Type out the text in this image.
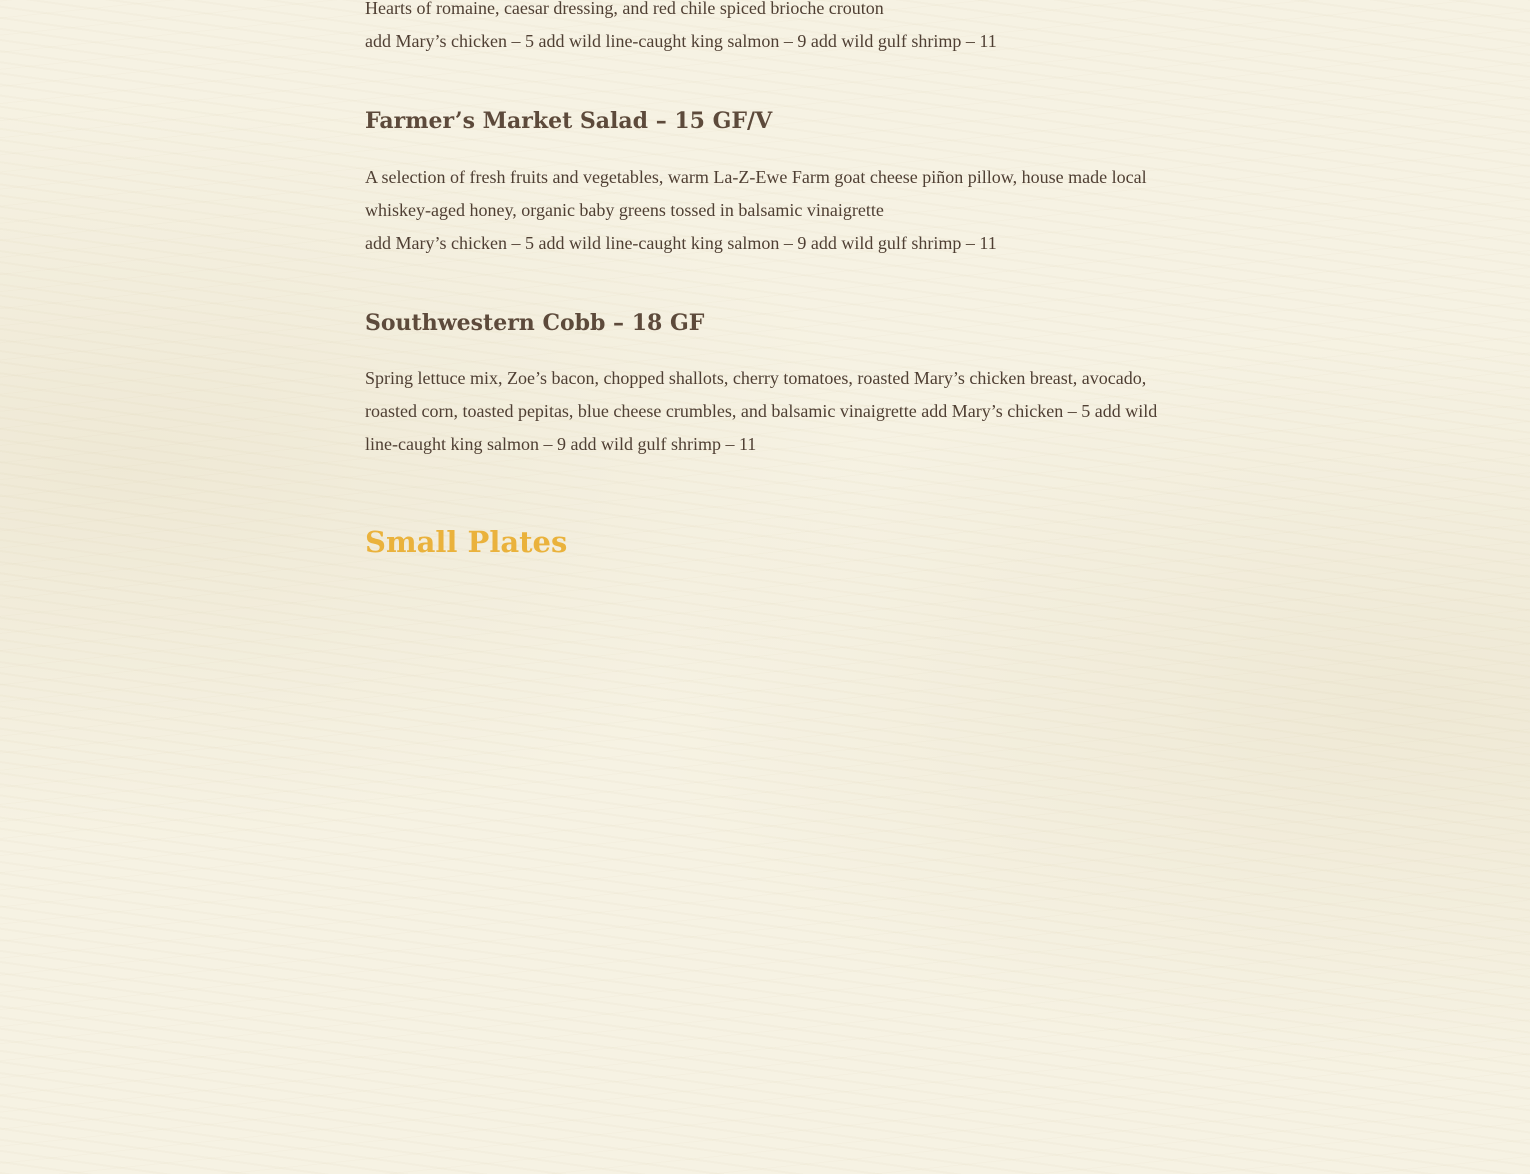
Hearts of romaine, caesar dressing, and red chile spiced brioche crouton

add Mary’s chicken – 5 add wild line-caught king salmon – 9 add wild gulf shrimp – 11

Farmer’s Market Salad – 15 GF/V

A selection of fresh fruits and vegetables, warm La-Z-Ewe Farm goat cheese piñon pillow, house made local whiskey-aged honey, organic baby greens tossed in balsamic vinaigrette

add Mary’s chicken – 5 add wild line-caught king salmon – 9 add wild gulf shrimp – 11

Southwestern Cobb – 18 GF

Spring lettuce mix, Zoe’s bacon, chopped shallots, cherry tomatoes, roasted Mary’s chicken breast, avocado, roasted corn, toasted pepitas, blue cheese crumbles, and balsamic vinaigrette add Mary’s chicken – 5 add wild line-caught king salmon – 9 add wild gulf shrimp – 11

Small Plates
